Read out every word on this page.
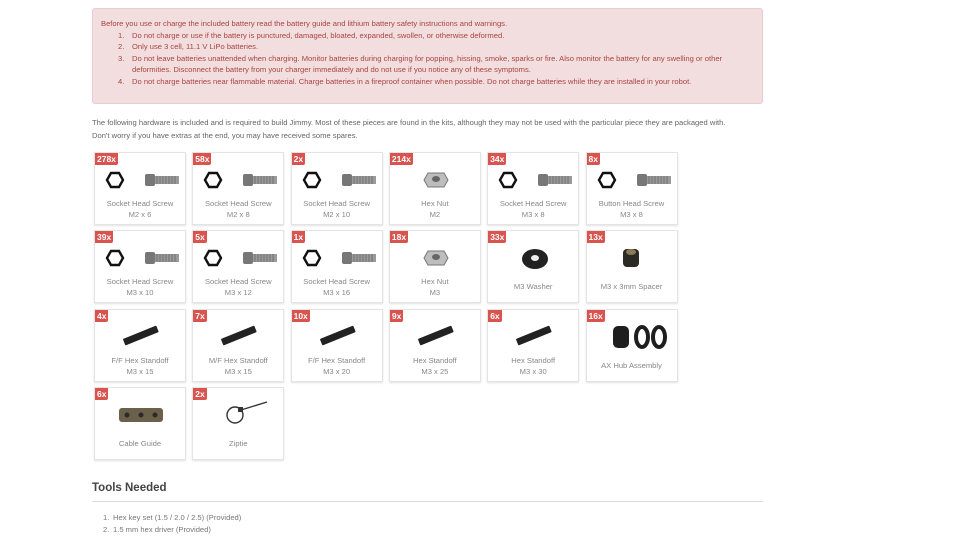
Before you use or charge the included battery read the battery guide and lithium battery safety instructions and warnings.
1. Do not charge or use if the battery is punctured, damaged, bloated, expanded, swollen, or otherwise deformed.
2. Only use 3 cell, 11.1 V LiPo batteries.
3. Do not leave batteries unattended when charging. Monitor batteries during charging for popping, hissing, smoke, sparks or fire. Also monitor the battery for any swelling or other deformities. Disconnect the battery from your charger immediately and do not use if you notice any of these symptoms.
4. Do not charge batteries near flammable material. Charge batteries in a fireproof container when possible. Do not charge batteries while they are installed in your robot.
The following hardware is included and is required to build Jimmy. Most of these pieces are found in the kits, although they may not be used with the particular piece they are packaged with.
Don't worry if you have extras at the end, you may have received some spares.
278x
Socket Head Screw
M2 x 6
58x
Socket Head Screw
M2 x 8
2x
Socket Head Screw
M2 x 10
214x
Hex Nut
M2
34x
Socket Head Screw
M3 x 8
8x
Button Head Screw
M3 x 8
39x
Socket Head Screw
M3 x 10
5x
Socket Head Screw
M3 x 12
1x
Socket Head Screw
M3 x 16
18x
Hex Nut
M3
33x
M3 Washer
13x
M3 x 3mm Spacer
4x
F/F Hex Standoff
M3 x 15
7x
M/F Hex Standoff
M3 x 15
10x
F/F Hex Standoff
M3 x 20
9x
Hex Standoff
M3 x 25
6x
Hex Standoff
M3 x 30
16x
AX Hub Assembly
6x
Cable Guide
2x
Ziptie
Tools Needed
1. Hex key set (1.5 / 2.0 / 2.5) (Provided)
2. 1.5 mm hex driver (Provided)
